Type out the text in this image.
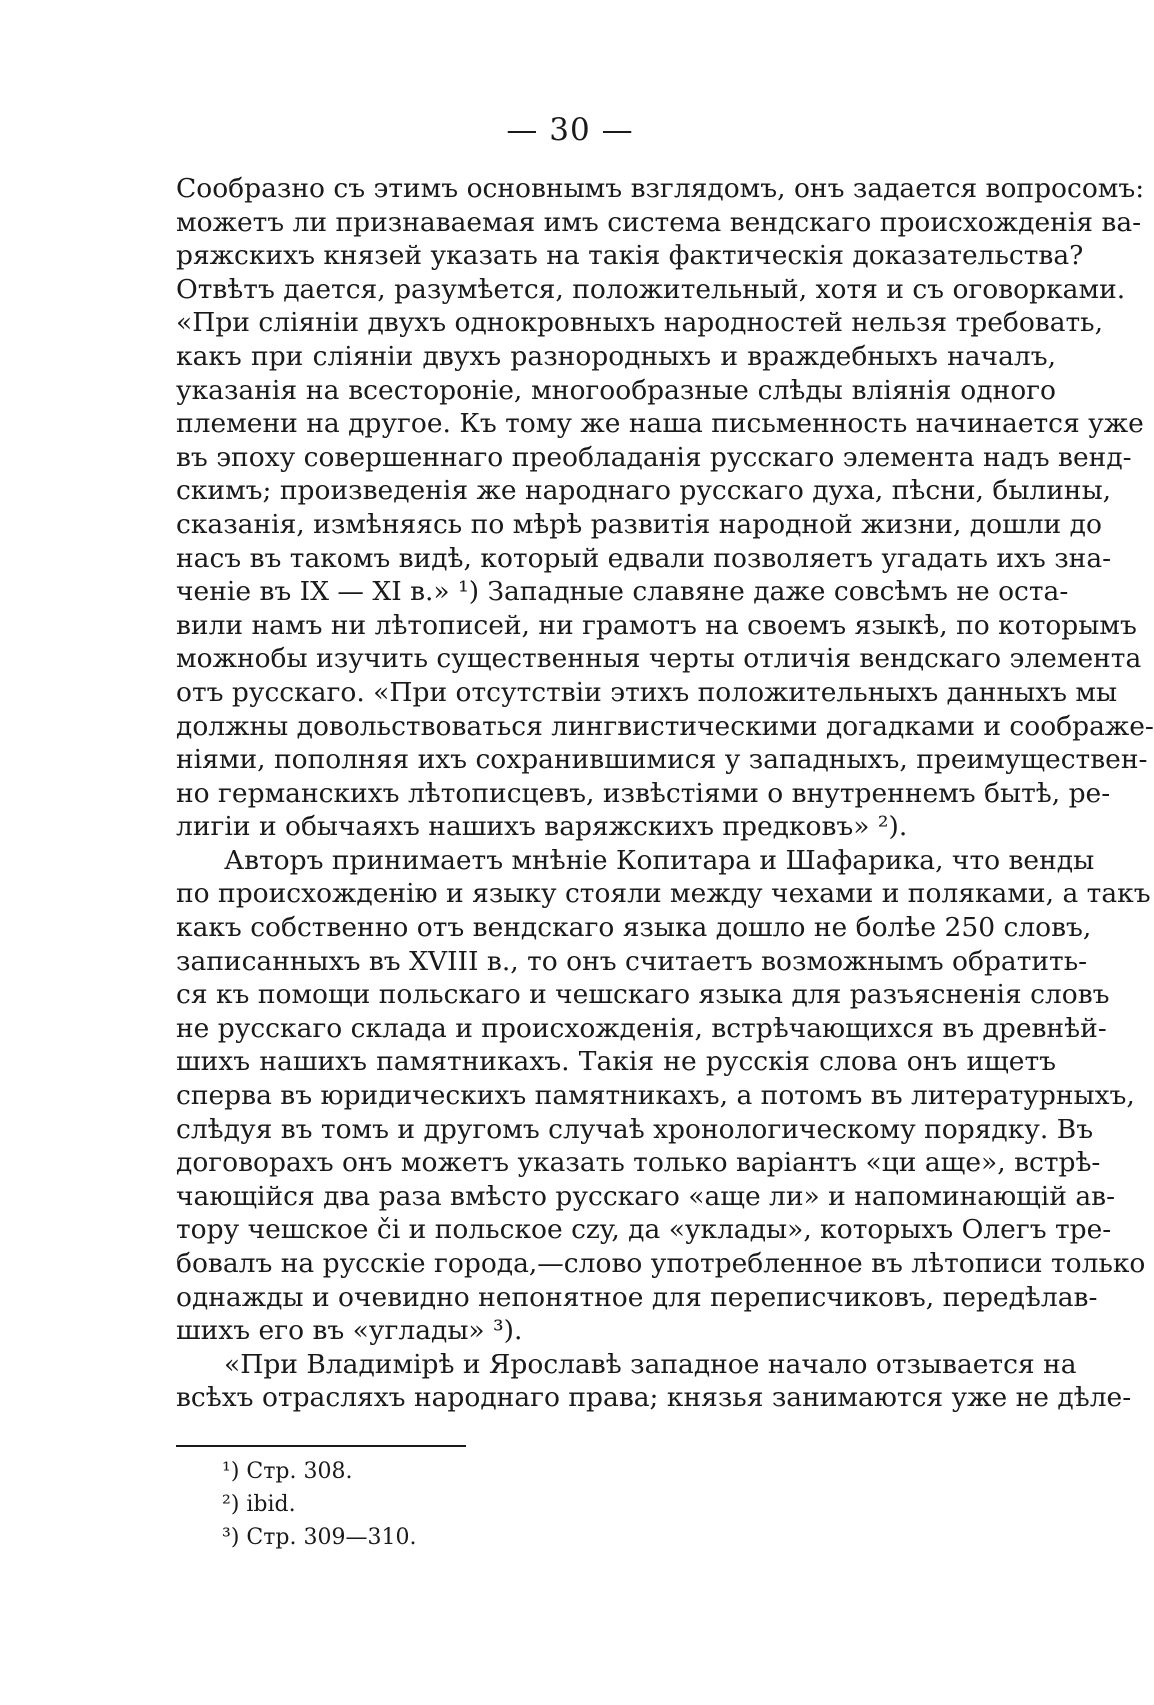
— 30 —
Сообразно съ этимъ основнымъ взглядомъ, онъ задается вопросомъ:
можетъ ли признаваемая имъ система вендскаго происхожденія ва-
ряжскихъ князей указать на такія фактическія доказательства?
Отвѣтъ дается, разумѣется, положительный, хотя и съ оговорками.
«При сліяніи двухъ однокровныхъ народностей нельзя требовать,
какъ при сліяніи двухъ разнородныхъ и враждебныхъ началъ,
указанія на всестороніе, многообразные слѣды вліянія одного
племени на другое. Къ тому же наша письменность начинается уже
въ эпоху совершеннаго преобладанія русскаго элемента надъ венд-
скимъ; произведенія же народнаго русскаго духа, пѣсни, былины,
сказанія, измѣняясь по мѣрѣ развитія народной жизни, дошли до
насъ въ такомъ видѣ, который едвали позволяетъ угадать ихъ зна-
ченіе въ IX — XI в.» ¹) Западные славяне даже совсѣмъ не оста-
вили намъ ни лѣтописей, ни грамотъ на своемъ языкѣ, по которымъ
можнобы изучить существенныя черты отличія вендскаго элемента
отъ русскаго. «При отсутствіи этихъ положительныхъ данныхъ мы
должны довольствоваться лингвистическими догадками и соображе-
ніями, пополняя ихъ сохранившимися у западныхъ, преимуществен-
но германскихъ лѣтописцевъ, извѣстіями о внутреннемъ бытѣ, ре-
лигіи и обычаяхъ нашихъ варяжскихъ предковъ» ²).
Авторъ принимаетъ мнѣніе Копитара и Шафарика, что венды
по происхожденію и языку стояли между чехами и поляками, а такъ
какъ собственно отъ вендскаго языка дошло не болѣе 250 словъ,
записанныхъ въ XVIII в., то онъ считаетъ возможнымъ обратить-
ся къ помощи польскаго и чешскаго языка для разъясненія словъ
не русскаго склада и происхожденія, встрѣчающихся въ древнѣй-
шихъ нашихъ памятникахъ. Такія не русскія слова онъ ищетъ
сперва въ юридическихъ памятникахъ, а потомъ въ литературныхъ,
слѣдуя въ томъ и другомъ случаѣ хронологическому порядку. Въ
договорахъ онъ можетъ указать только варіантъ «ци аще», встрѣ-
чающійся два раза вмѣсто русскаго «аще ли» и напоминающій ав-
тору чешское či и польское czy, да «уклады», которыхъ Олегъ тре-
бовалъ на русскіе города,—слово употребленное въ лѣтописи только
однажды и очевидно непонятное для переписчиковъ, передѣлав-
шихъ его въ «углады» ³).
«При Владимірѣ и Ярославѣ западное начало отзывается на
всѣхъ отрасляхъ народнаго права; князья занимаются уже не дѣле-
¹) Стр. 308.
²) ibid.
³) Стр. 309—310.
